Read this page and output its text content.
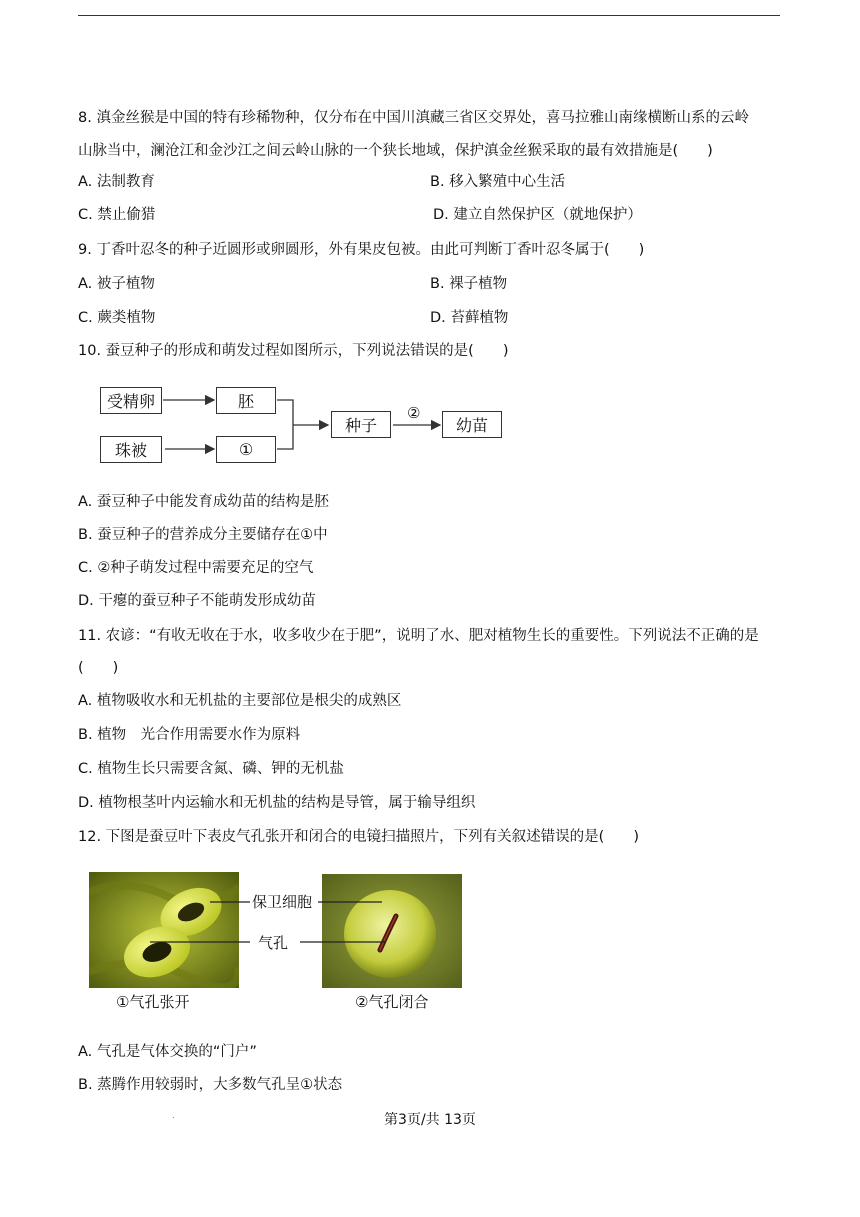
8. 滇金丝猴是中国的特有珍稀物种，仅分布在中国川滇藏三省区交界处，喜马拉雅山南缘横断山系的云岭
山脉当中，澜沧江和金沙江之间云岭山脉的一个狭长地域，保护滇金丝猴采取的最有效措施是(　　)
A. 法制教育	B. 移入繁殖中心生活
C. 禁止偷猎	D. 建立自然保护区（就地保护）
9. 丁香叶忍冬的种子近圆形或卵圆形，外有果皮包被。由此可判断丁香叶忍冬属于(　　)
A. 被子植物	B. 裸子植物
C. 蕨类植物	D. 苔藓植物
10. 蚕豆种子的形成和萌发过程如图所示，下列说法错误的是(　　)
受精卵	胚
珠被	①
种子
②
幼苗
A. 蚕豆种子中能发育成幼苗的结构是胚
B. 蚕豆种子的营养成分主要储存在①中
C. ②种子萌发过程中需要充足的空气
D. 干瘪的蚕豆种子不能萌发形成幼苗
11. 农谚：“有收无收在于水，收多收少在于肥”，说明了水、肥对植物生长的重要性。下列说法不正确的是
(　　)
A. 植物吸收水和无机盐的主要部位是根尖的成熟区
B. 植物　光合作用需要水作为原料
C. 植物生长只需要含氮、磷、钾的无机盐
D. 植物根茎叶内运输水和无机盐的结构是导管，属于输导组织
12. 下图是蚕豆叶下表皮气孔张开和闭合的电镜扫描照片，下列有关叙述错误的是(　　)
保卫细胞
气孔
①气孔张开	②气孔闭合
A. 气孔是气体交换的“门户”
B. 蒸腾作用较弱时，大多数气孔呈①状态
.	第3页/共 13页
